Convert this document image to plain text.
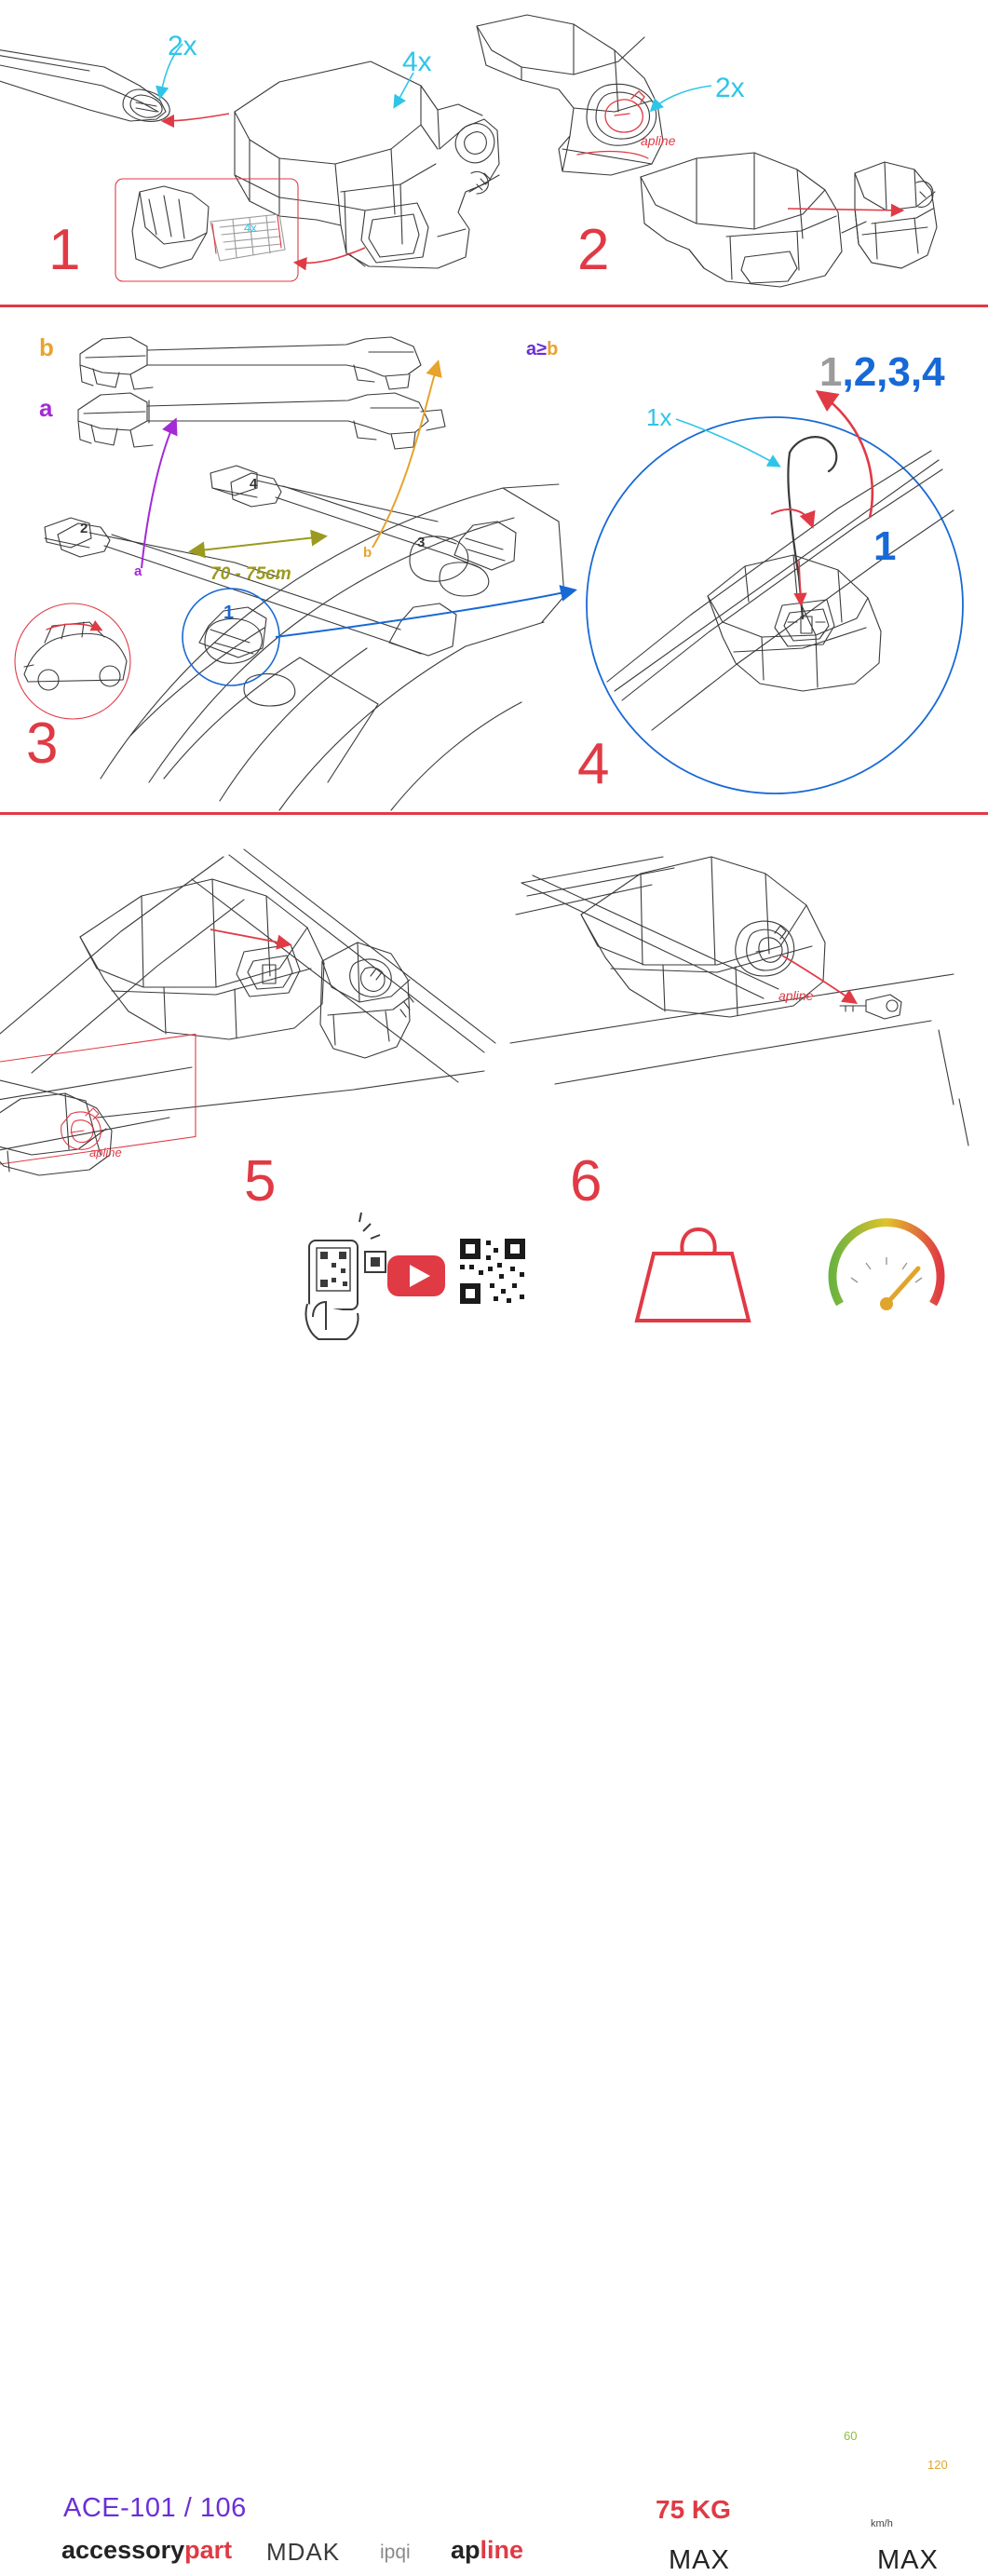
apline
apline
apline
1	2
3	4
5	6
2x
4x
4x
2x
b
a
2
4
3
b
a
1
70 - 75cm
a≥b
1x
1,2,3,4
1
ACE-101 / 106
accessorypart MDAK ipqi apline
75 KG
MAX	MAX
km/h
60
120
